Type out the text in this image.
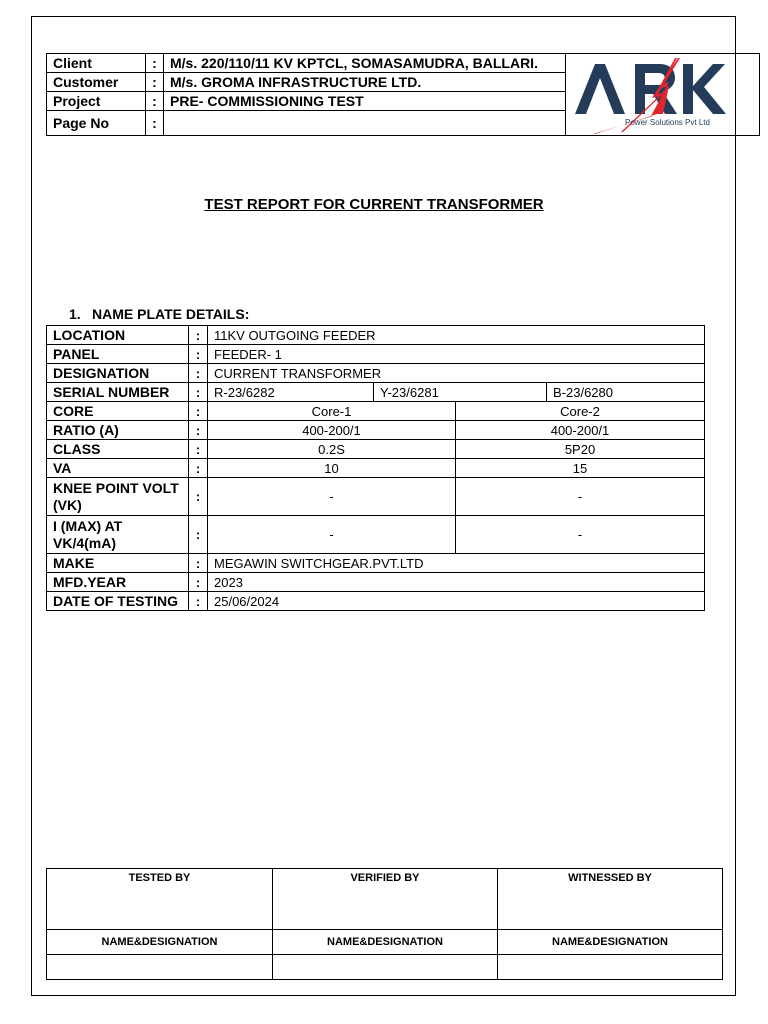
Client	:	M/s. 220/110/11 KV KPTCL, SOMASAMUDRA, BALLARI.
Customer	:	M/s. GROMA INFRASTRUCTURE LTD.
Project	:	PRE- COMMISSIONING TEST
Page No	:		Power Solutions Pvt Ltd
TEST REPORT FOR CURRENT TRANSFORMER
1. NAME PLATE DETAILS:
LOCATION	:	11KV OUTGOING FEEDER			
PANEL	:	FEEDER- 1			
DESIGNATION	:	CURRENT TRANSFORMER			
SERIAL NUMBER	:	R-23/6282	Y-23/6281		B-23/6280
CORE	:	Core-1		Core-2	
RATIO (A)	:	400-200/1		400-200/1	
CLASS	:	0.2S		5P20	
VA	:	10		15	
KNEE POINT VOLT (VK)	:	-		-	
I (MAX) AT VK/4(mA)	:	-		-	
MAKE	:	MEGAWIN SWITCHGEAR.PVT.LTD			
MFD.YEAR	:	2023			
DATE OF TESTING	:	25/06/2024			
TESTED BY	VERIFIED BY	WITNESSED BY
NAME&DESIGNATION	NAME&DESIGNATION	NAME&DESIGNATION
